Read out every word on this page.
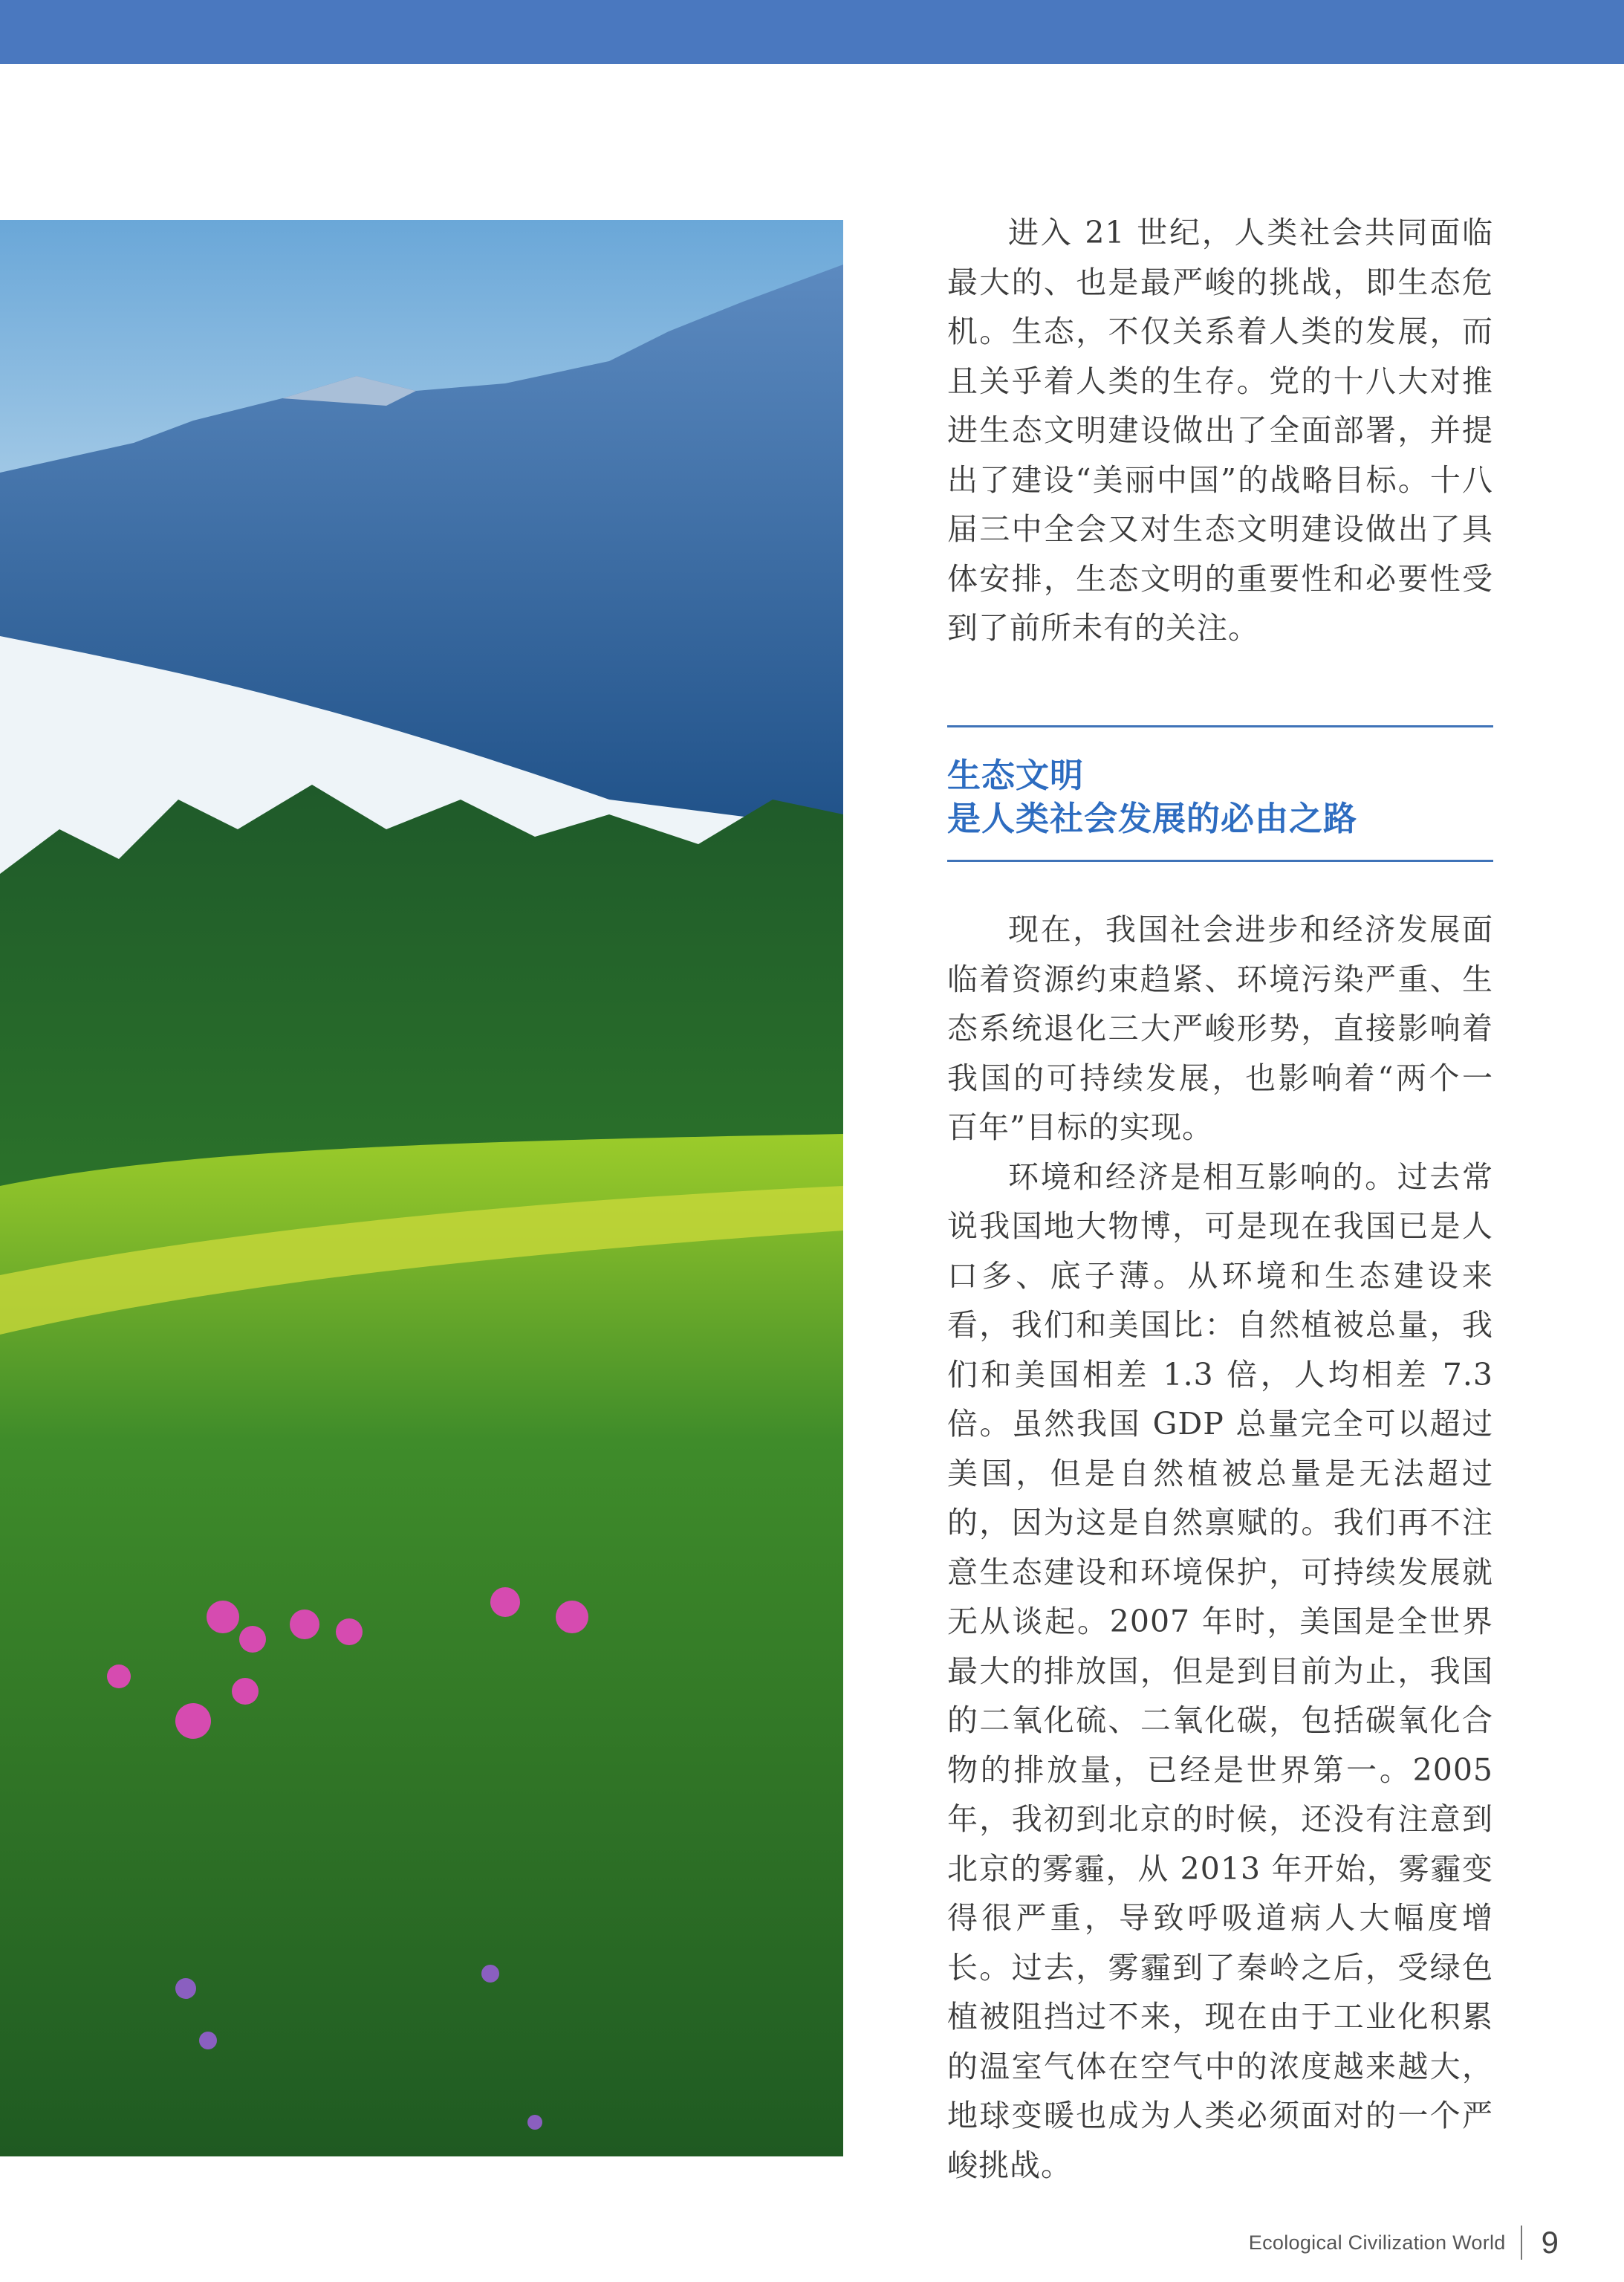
进入 21 世纪，人类社会共同面临最大的、也是最严峻的挑战，即生态危机。生态，不仅关系着人类的发展，而且关乎着人类的生存。党的十八大对推进生态文明建设做出了全面部署，并提出了建设“美丽中国”的战略目标。十八届三中全会又对生态文明建设做出了具体安排，生态文明的重要性和必要性受到了前所未有的关注。

生态文明
是人类社会发展的必由之路

现在，我国社会进步和经济发展面临着资源约束趋紧、环境污染严重、生态系统退化三大严峻形势，直接影响着我国的可持续发展，也影响着“两个一百年”目标的实现。

环境和经济是相互影响的。过去常说我国地大物博，可是现在我国已是人口多、底子薄。从环境和生态建设来看，我们和美国比：自然植被总量，我们和美国相差 1.3 倍，人均相差 7.3 倍。虽然我国 GDP 总量完全可以超过美国，但是自然植被总量是无法超过的，因为这是自然禀赋的。我们再不注意生态建设和环境保护，可持续发展就无从谈起。2007 年时，美国是全世界最大的排放国，但是到目前为止，我国的二氧化硫、二氧化碳，包括碳氧化合物的排放量，已经是世界第一。2005 年，我初到北京的时候，还没有注意到北京的雾霾，从 2013 年开始，雾霾变得很严重，导致呼吸道病人大幅度增长。过去，雾霾到了秦岭之后，受绿色植被阻挡过不来，现在由于工业化积累的温室气体在空气中的浓度越来越大，地球变暖也成为人类必须面对的一个严峻挑战。

Ecological Civilization World 9
